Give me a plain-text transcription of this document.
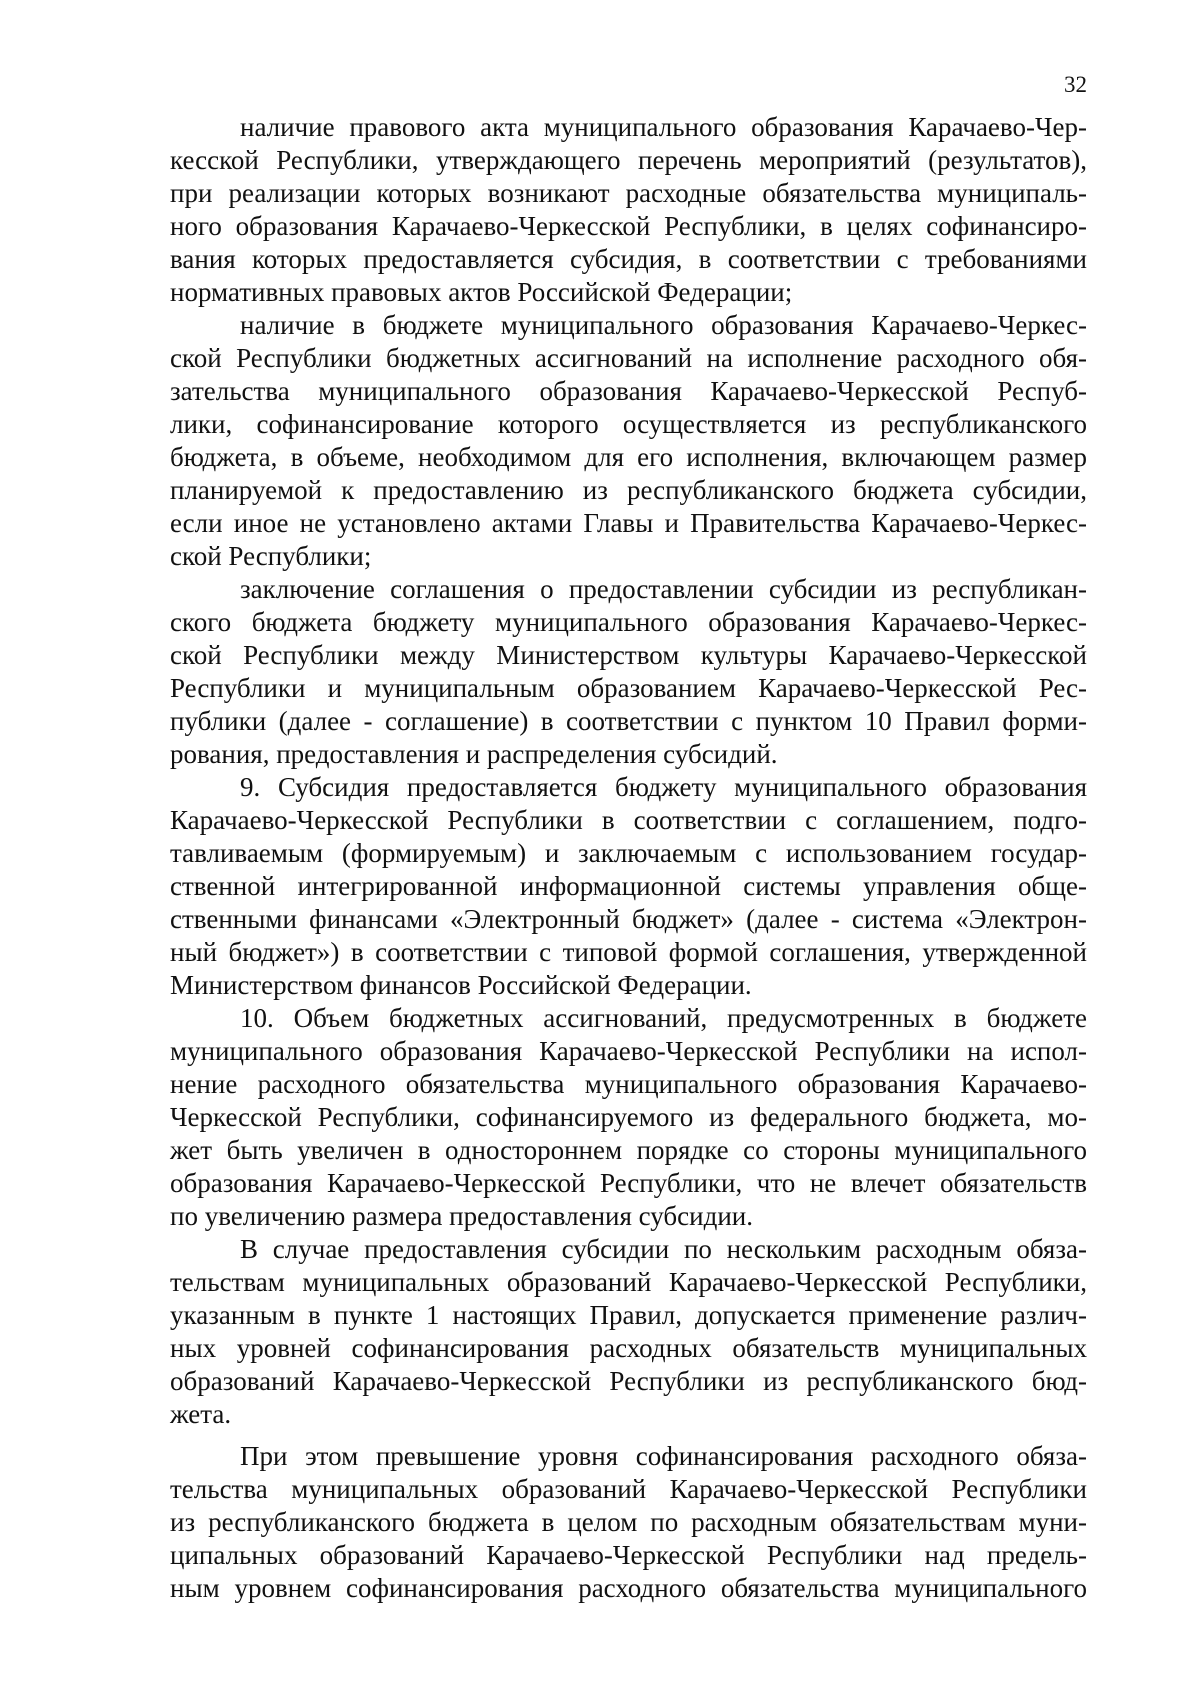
32
наличие правового акта муниципального образования Карачаево-Чер-
кесской Республики, утверждающего перечень мероприятий (результатов),
при реализации которых возникают расходные обязательства муниципаль-
ного образования Карачаево-Черкесской Республики, в целях софинансиро-
вания которых предоставляется субсидия, в соответствии с требованиями
нормативных правовых актов Российской Федерации;
наличие в бюджете муниципального образования Карачаево-Черкес-
ской Республики бюджетных ассигнований на исполнение расходного обя-
зательства муниципального образования Карачаево-Черкесской Респуб-
лики, софинансирование которого осуществляется из республиканского
бюджета, в объеме, необходимом для его исполнения, включающем размер
планируемой к предоставлению из республиканского бюджета субсидии,
если иное не установлено актами Главы и Правительства Карачаево-Черкес-
ской Республики;
заключение соглашения о предоставлении субсидии из республикан-
ского бюджета бюджету муниципального образования Карачаево-Черкес-
ской Республики между Министерством культуры Карачаево-Черкесской
Республики и муниципальным образованием Карачаево-Черкесской Рес-
публики (далее - соглашение) в соответствии с пунктом 10 Правил форми-
рования, предоставления и распределения субсидий.
9. Субсидия предоставляется бюджету муниципального образования
Карачаево-Черкесской Республики в соответствии с соглашением, подго-
тавливаемым (формируемым) и заключаемым с использованием государ-
ственной интегрированной информационной системы управления обще-
ственными финансами «Электронный бюджет» (далее - система «Электрон-
ный бюджет») в соответствии с типовой формой соглашения, утвержденной
Министерством финансов Российской Федерации.
10. Объем бюджетных ассигнований, предусмотренных в бюджете
муниципального образования Карачаево-Черкесской Республики на испол-
нение расходного обязательства муниципального образования Карачаево-
Черкесской Республики, софинансируемого из федерального бюджета, мо-
жет быть увеличен в одностороннем порядке со стороны муниципального
образования Карачаево-Черкесской Республики, что не влечет обязательств
по увеличению размера предоставления субсидии.
В случае предоставления субсидии по нескольким расходным обяза-
тельствам муниципальных образований Карачаево-Черкесской Республики,
указанным в пункте 1 настоящих Правил, допускается применение различ-
ных уровней софинансирования расходных обязательств муниципальных
образований Карачаево-Черкесской Республики из республиканского бюд-
жета.
При этом превышение уровня софинансирования расходного обяза-
тельства муниципальных образований Карачаево-Черкесской Республики
из республиканского бюджета в целом по расходным обязательствам муни-
ципальных образований Карачаево-Черкесской Республики над предель-
ным уровнем софинансирования расходного обязательства муниципального
